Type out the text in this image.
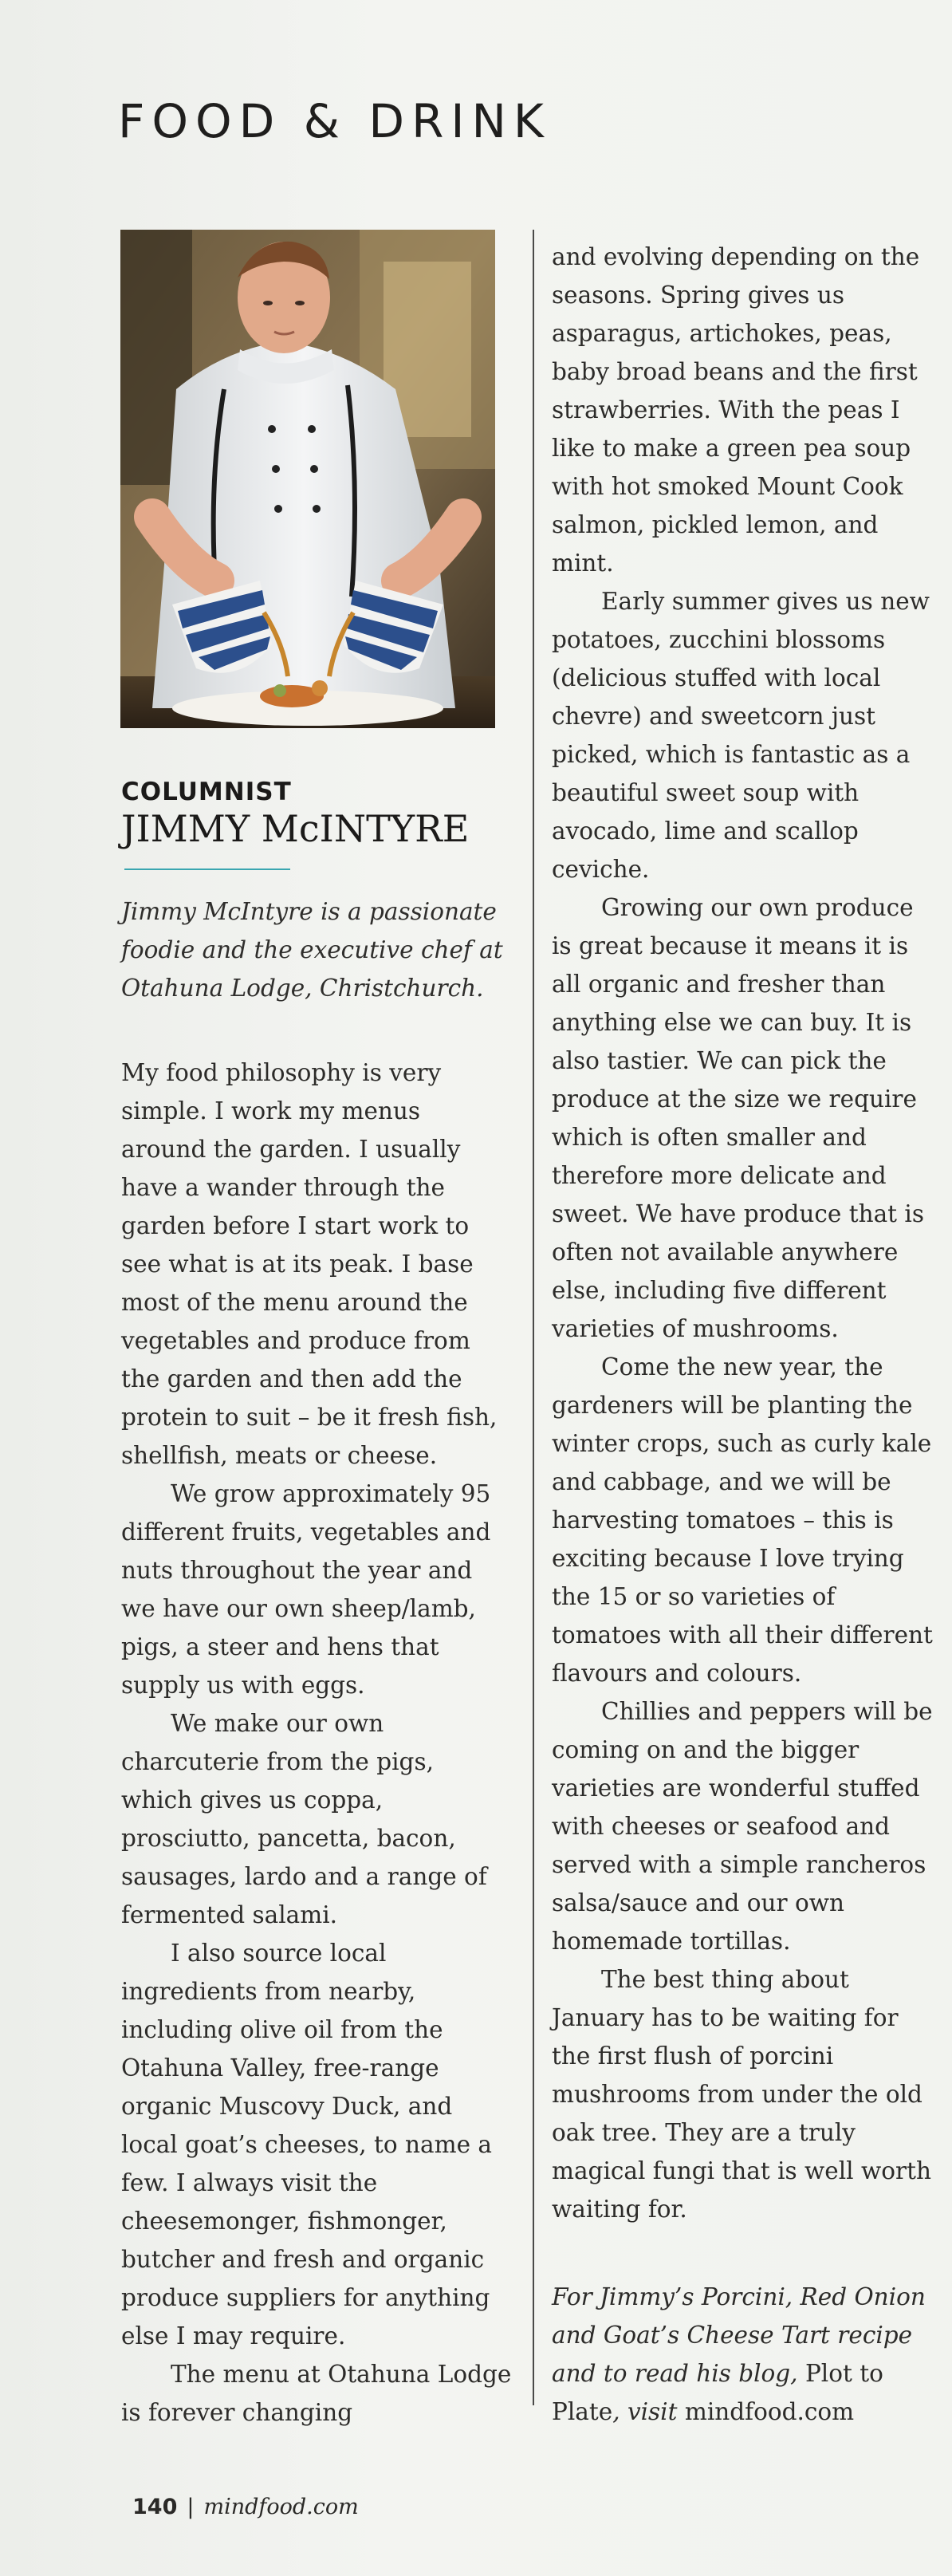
FOOD & DRINK

COLUMNIST

JIMMY McINTYRE

Jimmy McIntyre is a passionate foodie and the executive chef at Otahuna Lodge, Christchurch.

My food philosophy is very simple. I work my menus around the garden. I usually have a wander through the garden before I start work to see what is at its peak. I base most of the menu around the vegetables and produce from the garden and then add the protein to suit – be it fresh fish, shellfish, meats or cheese.

We grow approximately 95 different fruits, vegetables and nuts throughout the year and we have our own sheep/lamb, pigs, a steer and hens that supply us with eggs.

We make our own charcuterie from the pigs, which gives us coppa, prosciutto, pancetta, bacon, sausages, lardo and a range of fermented salami.

I also source local ingredients from nearby, including olive oil from the Otahuna Valley, free-range organic Muscovy Duck, and local goat’s cheeses, to name a few. I always visit the cheesemonger, fishmonger, butcher and fresh and organic produce suppliers for anything else I may require.

The menu at Otahuna Lodge is forever changing

and evolving depending on the seasons. Spring gives us asparagus, artichokes, peas, baby broad beans and the first strawberries. With the peas I like to make a green pea soup with hot smoked Mount Cook salmon, pickled lemon, and mint.

Early summer gives us new potatoes, zucchini blossoms (delicious stuffed with local chevre) and sweetcorn just picked, which is fantastic as a beautiful sweet soup with avocado, lime and scallop ceviche.

Growing our own produce is great because it means it is all organic and fresher than anything else we can buy. It is also tastier. We can pick the produce at the size we require which is often smaller and therefore more delicate and sweet. We have produce that is often not available anywhere else, including five different varieties of mushrooms.

Come the new year, the gardeners will be planting the winter crops, such as curly kale and cabbage, and we will be harvesting tomatoes – this is exciting because I love trying the 15 or so varieties of tomatoes with all their different flavours and colours.

Chillies and peppers will be coming on and the bigger varieties are wonderful stuffed with cheeses or seafood and served with a simple rancheros salsa/sauce and our own homemade tortillas.

The best thing about January has to be waiting for the first flush of porcini mushrooms from under the old oak tree. They are a truly magical fungi that is well worth waiting for.

For Jimmy’s Porcini, Red Onion and Goat’s Cheese Tart recipe and to read his blog, Plot to Plate, visit mindfood.com

140 | mindfood.com
